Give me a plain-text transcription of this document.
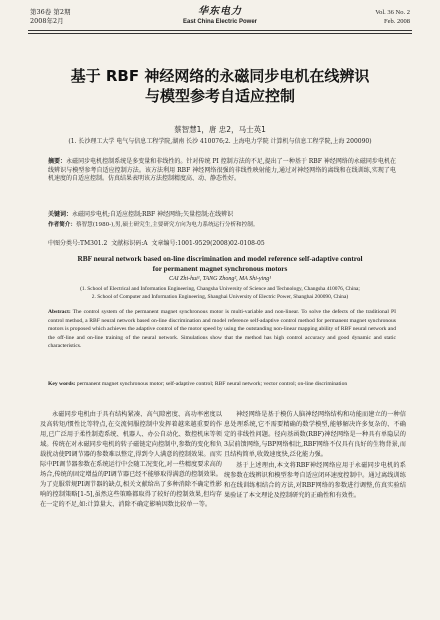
第36卷 第2期
2008年2月
华东电力
East China Electric Power
Vol. 36 No. 2
Feb. 2008
基于 RBF 神经网络的永磁同步电机在线辨识
与模型参考自适应控制
蔡智慧1，唐 忠2，马士英1
(1. 长沙理工大学 电气与信息工程学院,湖南 长沙 410076;2. 上海电力学院 计算机与信息工程学院,上海 200090)
摘要：永磁同步电机控制系统是多变量和非线性的。针对传统 PI 控制方法的不足,提出了一种基于 RBF 神经网络的永磁同步电机在线辨识与模型参考自适应控制方法。该方法利用 RBF 神经网络很强的非线性映射能力,通过对神经网络的离线和在线训练,实现了电机速度的自适应控制。仿真结果表明该方法控制精度高、动、静态性好。
关键词：永磁同步电机;自适应控制;RBF 神经网络;矢量控制;在线辨识
作者简介：蔡智慧(1980-),男,硕士研究生,主要研究方向为电力系统运行分析和控制。
中图分类号:TM301.2 文献标识码:A 文章编号:1001-9529(2008)02-0108-05
RBF neural network based on-line discrimination and model reference self-adaptive control
for permanent magnet synchronous motors
CAI Zhi-hui¹, TANG Zhong², MA Shi-ying¹
(1. School of Electrical and Information Engineering, Changsha University of Science and Technology, Changsha 410076, China;
2. School of Computer and Information Engineering, Shanghai University of Electric Power, Shanghai 200090, China)
Abstract: The control system of the permanent magnet synchronous motor is multi-variable and non-linear. To solve the defects of the traditional PI control method, a RBF neural network based on-line discrimination and model reference self-adaptive control method for permanent magnet synchronous motors is proposed which achieves the adaptive control of the motor speed by using the outstanding non-linear mapping ability of RBF neural network and the off-line and on-line training of the neural network. Simulations show that the method has high control accuracy and good dynamic and static characteristics.
Key words: permanent magnet synchronous motor; self-adaptive control; RBF neural network; vector control; on-line discrimination

永磁同步电机由于具有结构紧凑、高气隙密度、高功率密度以及高转矩/惯性比等特点,在交流伺服控制中发挥着越来越重要的作用,已广泛用于柔性制造系统、机器人、办公自动化、数控机床等领域。传统在对永磁同步电机的转子磁链定向控制中,参数的变化和负载扰动使PI调节器的参数难以整定,得到令人满意的控制效果。而实际中PI调节器参数在系统运行中会随工况变化,对一些精度要求高的场合,传统的固定增益的PI调节器已经不能够取得满意的控制效果。为了克服常规PI调节器的缺点,相关文献给出了多种消除不确定性影响的控制策略[1-5],虽然这些策略都取得了较好的控制效果,但均存在一定的不足,如:计算量大、消除不确定影响因数比较单一等。

神经网络是基于模仿人脑神经网络结构和功能而建立的一种信息处理系统,它不需要精确的数学模型,能够解决许多复杂的、不确定的非线性问题。径向基函数(RBF)神经网络是一种具有单隐层的3层前馈网络,与BP网络相比,RBF网络不仅具有良好的生物背景,而且结构简单,收敛速度快,泛化能力强。

基于上述理由,本文将RBF神经网络应用于永磁同步电机的系统参数在线辨识和模型参考自适应闭环速度控制中。通过离线训练和在线训练相结合的方法,对RBF网络的参数进行调整,仿真实验结果验证了本文理论及控制研究的正确性和有效性。
